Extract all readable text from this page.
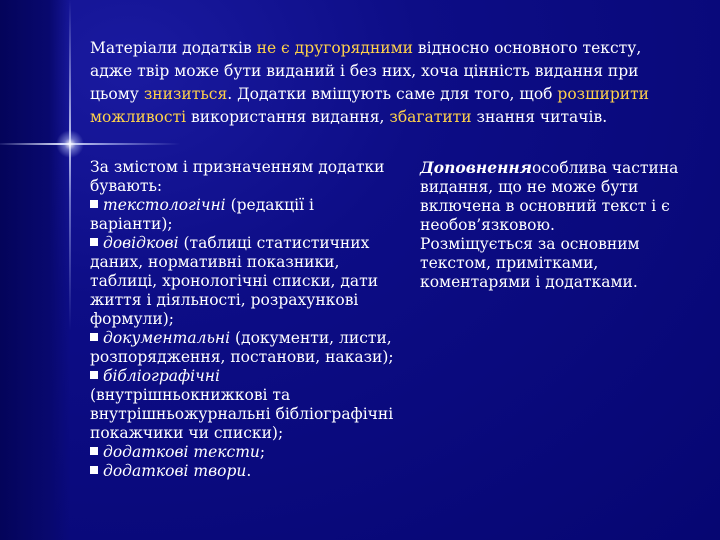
Матеріали додатків не є другорядними відносно основного тексту, адже твір може бути виданий і без них, хоча цінність видання при цьому знизиться. Додатки вміщують саме для того, щоб розширити можливості використання видання, збагатити знання читачів.

За змістом і призначенням додатки бувають:

текстологічні (редакції і варіанти);

довідкові (таблиці статистичних даних, нормативні показники, таблиці, хронологічні списки, дати життя і діяльності, розрахункові формули);

документальні (документи, листи, розпорядження, постанови, накази);

бібліографічні (внутрішньокнижкові та внутрішньожурнальні бібліографічні покажчики чи списки);

додаткові тексти;

додаткові твори.

Доповненняособлива частина видання, що не може бути включена в основний текст і є необов’язковою.

Розміщується за основним текстом, примітками, коментарями і додатками.
